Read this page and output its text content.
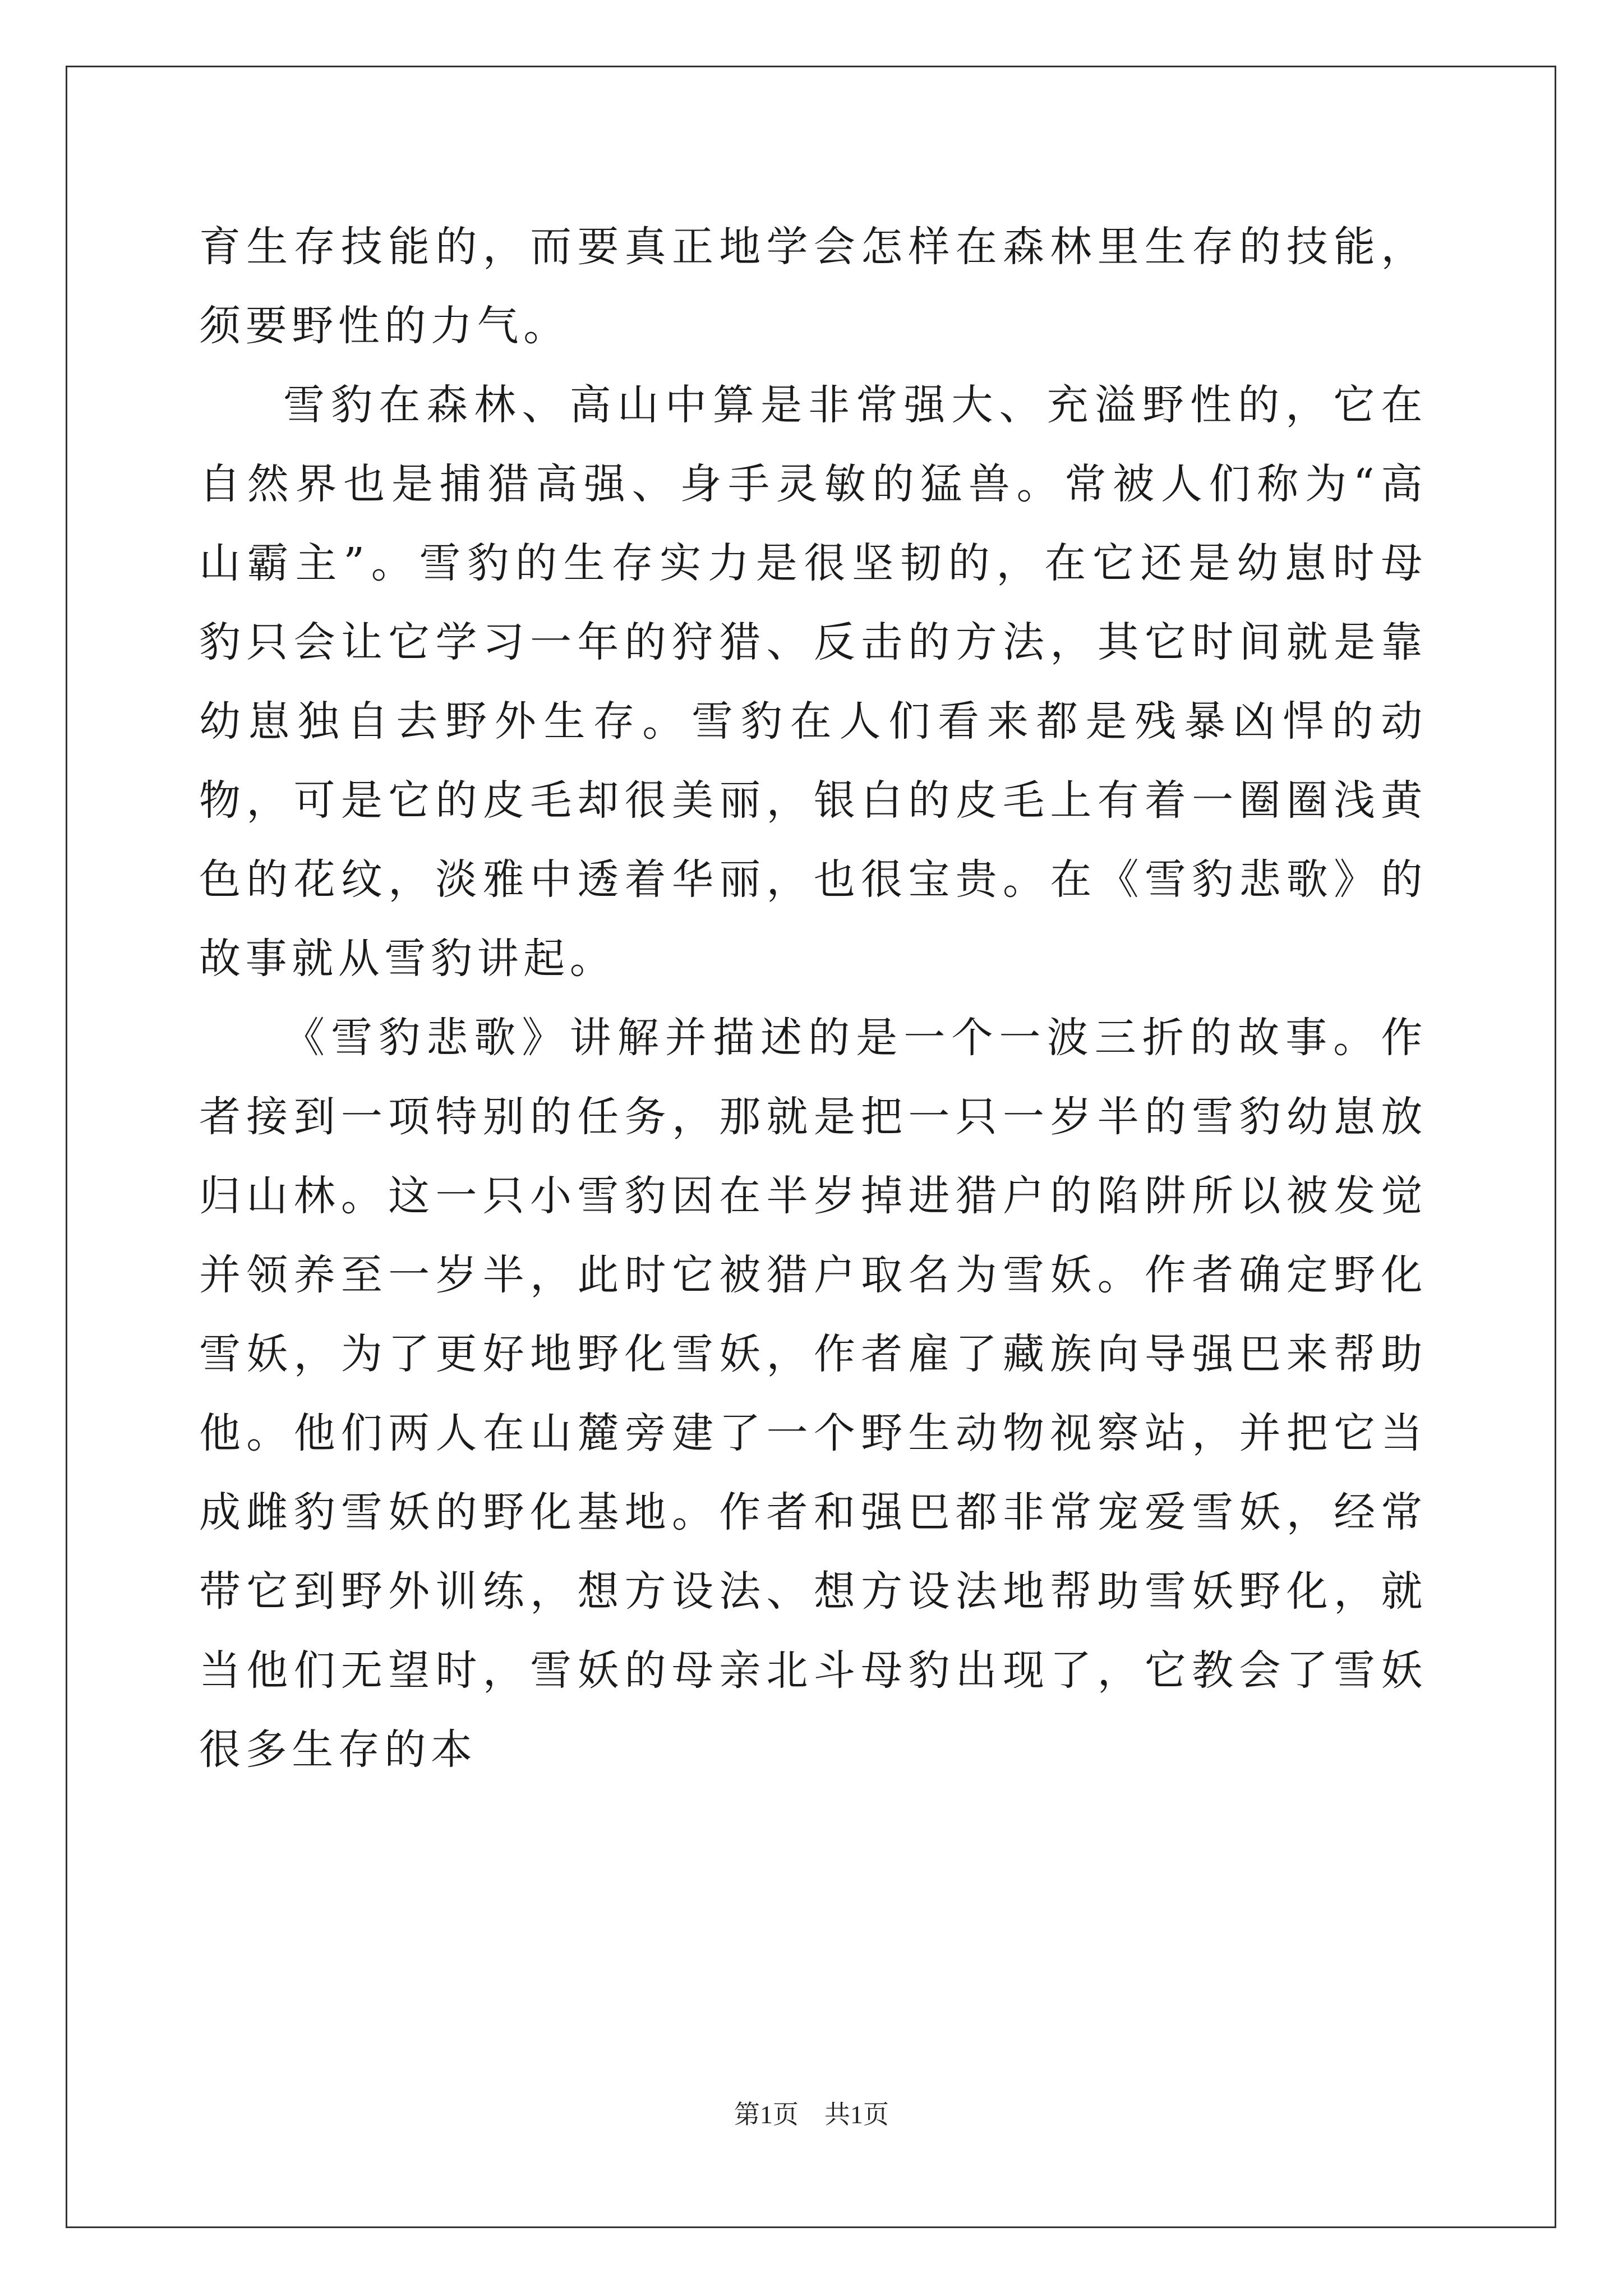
育生存技能的，而要真正地学会怎样在森林里生存的技能，须要野性的力气。

雪豹在森林、高山中算是非常强大、充溢野性的，它在自然界也是捕猎高强、身手灵敏的猛兽。常被人们称为“高山霸主”。雪豹的生存实力是很坚韧的，在它还是幼崽时母豹只会让它学习一年的狩猎、反击的方法，其它时间就是靠幼崽独自去野外生存。雪豹在人们看来都是残暴凶悍的动物，可是它的皮毛却很美丽，银白的皮毛上有着一圈圈浅黄色的花纹，淡雅中透着华丽，也很宝贵。在《雪豹悲歌》的故事就从雪豹讲起。

《雪豹悲歌》讲解并描述的是一个一波三折的故事。作者接到一项特别的任务，那就是把一只一岁半的雪豹幼崽放归山林。这一只小雪豹因在半岁掉进猎户的陷阱所以被发觉并领养至一岁半，此时它被猎户取名为雪妖。作者确定野化雪妖，为了更好地野化雪妖，作者雇了藏族向导强巴来帮助他。他们两人在山麓旁建了一个野生动物视察站，并把它当成雌豹雪妖的野化基地。作者和强巴都非常宠爱雪妖，经常带它到野外训练，想方设法、想方设法地帮助雪妖野化，就当他们无望时，雪妖的母亲北斗母豹出现了，它教会了雪妖很多生存的本

第1页　共1页
